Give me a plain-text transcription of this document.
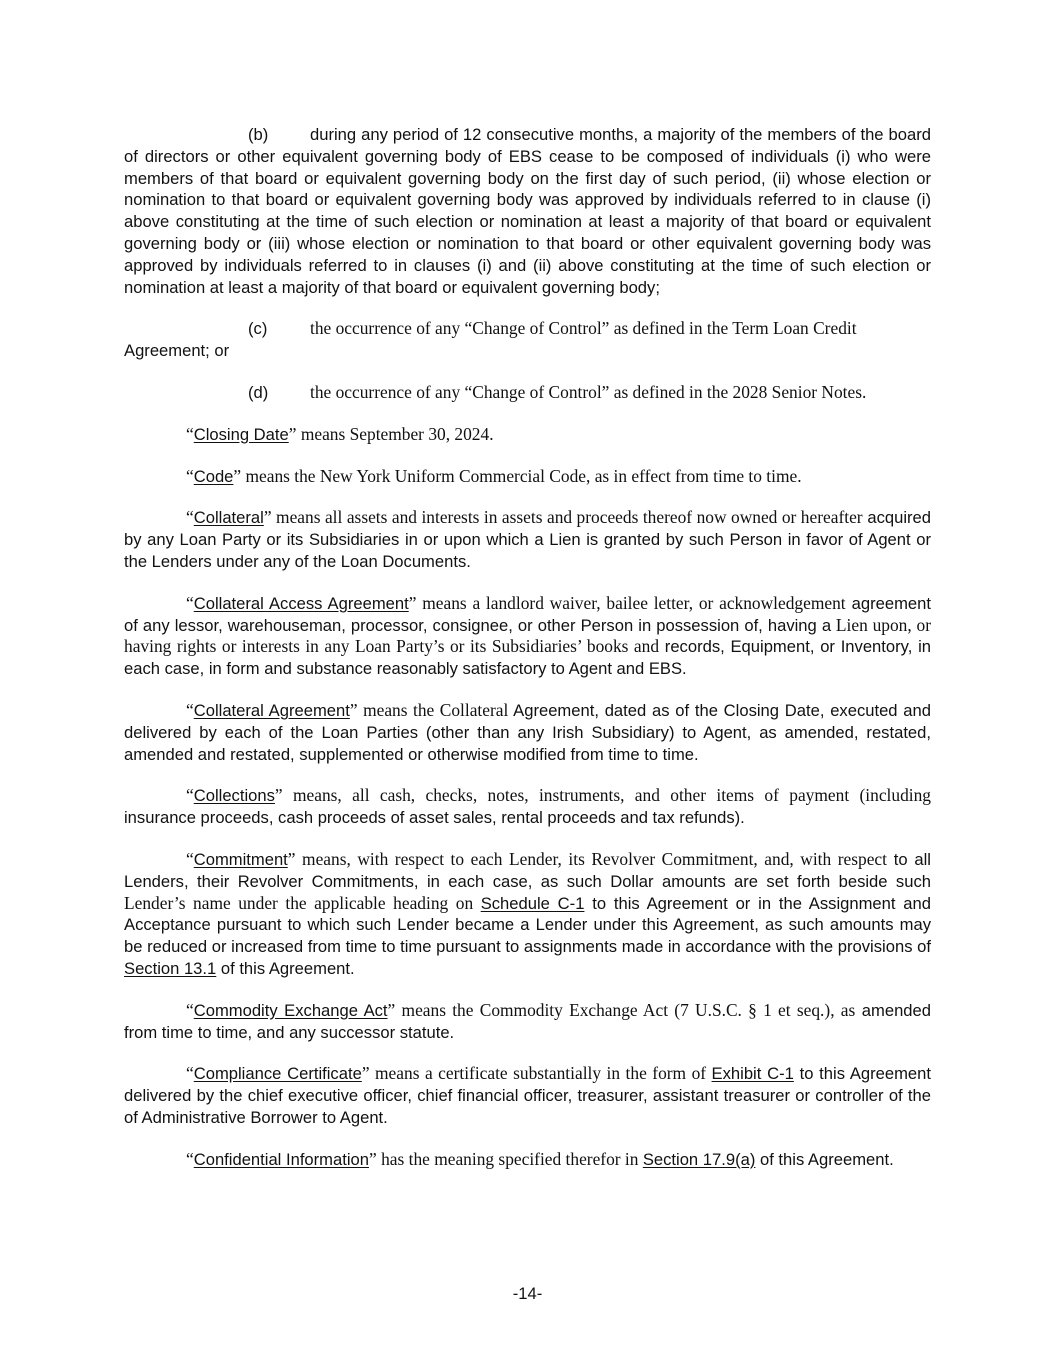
(b)	during any period of 12 consecutive months, a majority of the members of the board of directors or other equivalent governing body of EBS cease to be composed of individuals (i) who were members of that board or equivalent governing body on the first day of such period, (ii) whose election or nomination to that board or equivalent governing body was approved by individuals referred to in clause (i) above constituting at the time of such election or nomination at least a majority of that board or equivalent governing body or (iii) whose election or nomination to that board or other equivalent governing body was approved by individuals referred to in clauses (i) and (ii) above constituting at the time of such election or nomination at least a majority of that board or equivalent governing body;

(c) the occurrence of any “Change of Control” as defined in the Term Loan Credit
Agreement; or
(d) the occurrence of any “Change of Control” as defined in the 2028 Senior Notes.

“Closing Date” means September 30, 2024.

“Code” means the New York Uniform Commercial Code, as in effect from time to time.

“Collateral” means all assets and interests in assets and proceeds thereof now owned or hereafter acquired by any Loan Party or its Subsidiaries in or upon which a Lien is granted by such Person in favor of Agent or the Lenders under any of the Loan Documents.

“Collateral Access Agreement” means a landlord waiver, bailee letter, or acknowledgement agreement of any lessor, warehouseman, processor, consignee, or other Person in possession of, having a Lien upon, or having rights or interests in any Loan Party’s or its Subsidiaries’ books and records, Equipment, or Inventory, in each case, in form and substance reasonably satisfactory to Agent and EBS.

“Collateral Agreement” means the Collateral Agreement, dated as of the Closing Date, executed and delivered by each of the Loan Parties (other than any Irish Subsidiary) to Agent, as amended, restated, amended and restated, supplemented or otherwise modified from time to time.

“Collections” means, all cash, checks, notes, instruments, and other items of payment (including insurance proceeds, cash proceeds of asset sales, rental proceeds and tax refunds).

“Commitment” means, with respect to each Lender, its Revolver Commitment, and, with respect to all Lenders, their Revolver Commitments, in each case, as such Dollar amounts are set forth beside such Lender’s name under the applicable heading on Schedule C-1 to this Agreement or in the Assignment and Acceptance pursuant to which such Lender became a Lender under this Agreement, as such amounts may be reduced or increased from time to time pursuant to assignments made in accordance with the provisions of Section 13.1 of this Agreement.

“Commodity Exchange Act” means the Commodity Exchange Act (7 U.S.C. § 1 et seq.), as amended from time to time, and any successor statute.

“Compliance Certificate” means a certificate substantially in the form of Exhibit C-1 to this Agreement delivered by the chief executive officer, chief financial officer, treasurer, assistant treasurer or controller of the of Administrative Borrower to Agent.

“Confidential Information” has the meaning specified therefor in Section 17.9(a) of this Agreement.

-14-
